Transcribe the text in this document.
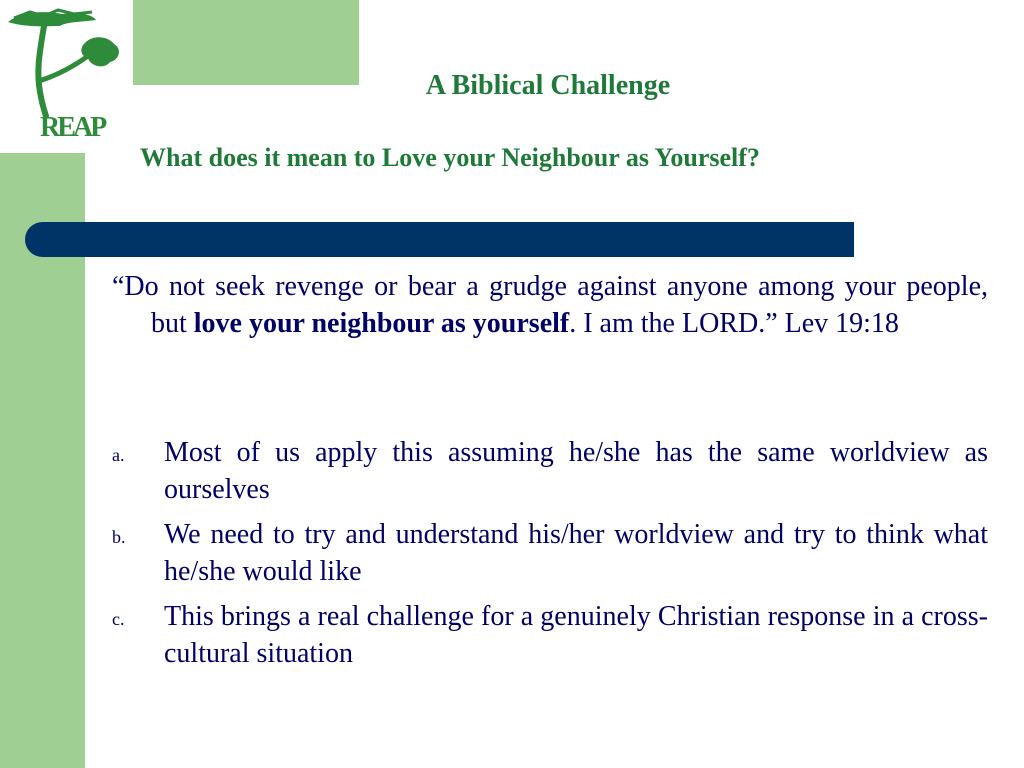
REAP
A Biblical Challenge
What does it mean to Love your Neighbour as Yourself?

“Do not seek revenge or bear a grudge against anyone among your people, but love your neighbour as yourself. I am the LORD.” Lev 19:18

a. Most of us apply this assuming he/she has the same worldview as ourselves
b. We need to try and understand his/her worldview and try to think what he/she would like
c. This brings a real challenge for a genuinely Christian response in a cross-cultural situation
